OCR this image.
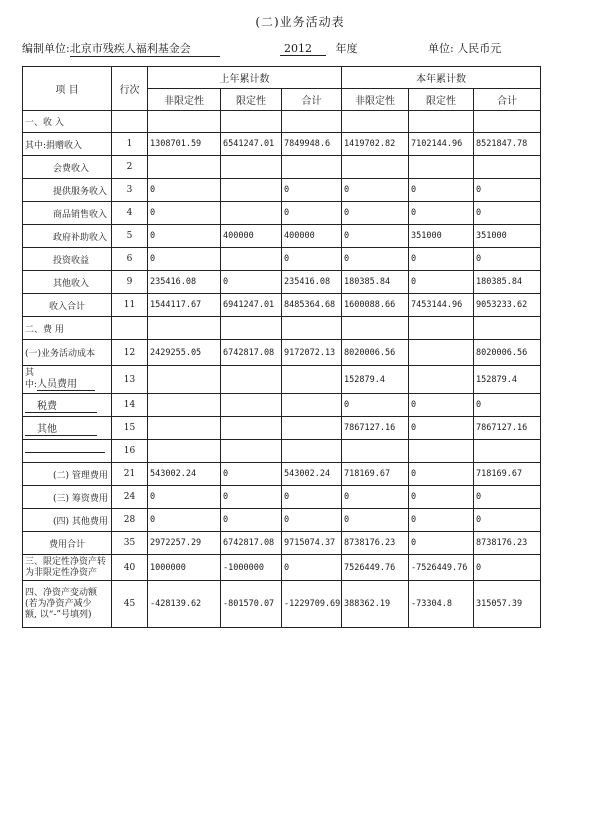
(二)业务活动表
编制单位:北京市残疾人福利基金会	2012 年度	单位: 人民币元
项 目	行次	上年累计数			本年累计数		
		非限定性	限定性	合计	非限定性	限定性	合计
一、收 入							
其中:捐赠收入	1	1308701.59	6541247.01	7849948.6	1419702.82	7102144.96	8521847.78
会费收入	2						
提供服务收入	3	0		0	0	0	0
商品销售收入	4	0		0	0	0	0
政府补助收入	5	0	400000	400000	0	351000	351000
投资收益	6	0		0	0	0	0
其他收入	9	235416.08	0	235416.08	180385.84	0	180385.84
收入合计	11	1544117.67	6941247.01	8485364.68	1600088.66	7453144.96	9053233.62
二、费 用							
(一)业务活动成本	12	2429255.05	6742817.08	9172072.13	8020006.56		8020006.56

其
中:人员费用	13				152879.4		152879.4
税费	14				0	0	0
其他	15				7867127.16	0	7867127.16
	16						
(二) 管理费用	21	543002.24	0	543002.24	718169.67	0	718169.67
(三) 筹资费用	24	0	0	0	0	0	0
(四) 其他费用	28	0	0	0	0	0	0
费用合计	35	2972257.29	6742817.08	9715074.37	8738176.23	0	8738176.23

三、限定性净资产转
为非限定性净资产	40	1000000	-1000000	0	7526449.76	-7526449.76	0

四、净资产变动额
(若为净资产减少
额, 以“-”号填列)	45	-428139.62	-801570.07	-1229709.69	388362.19	-73304.8	315057.39
